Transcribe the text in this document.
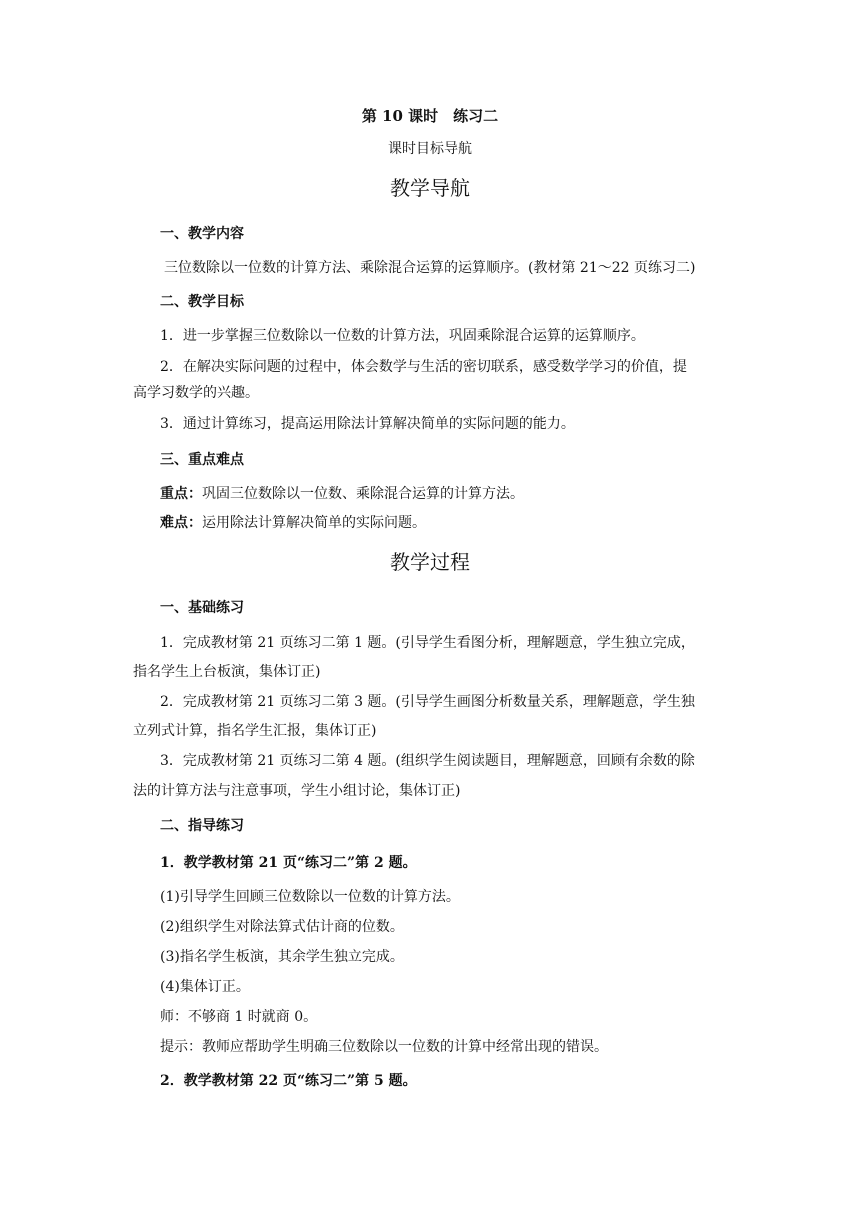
第 10 课时　练习二
课时目标导航
教学导航
一、教学内容
三位数除以一位数的计算方法、乘除混合运算的运算顺序。(教材第 21～22 页练习二)
二、教学目标
1．进一步掌握三位数除以一位数的计算方法，巩固乘除混合运算的运算顺序。
2．在解决实际问题的过程中，体会数学与生活的密切联系，感受数学学习的价值，提
高学习数学的兴趣。
3．通过计算练习，提高运用除法计算解决简单的实际问题的能力。
三、重点难点
重点：巩固三位数除以一位数、乘除混合运算的计算方法。
难点：运用除法计算解决简单的实际问题。
教学过程
一、基础练习
1．完成教材第 21 页练习二第 1 题。(引导学生看图分析，理解题意，学生独立完成，
指名学生上台板演，集体订正)
2．完成教材第 21 页练习二第 3 题。(引导学生画图分析数量关系，理解题意，学生独
立列式计算，指名学生汇报，集体订正)
3．完成教材第 21 页练习二第 4 题。(组织学生阅读题目，理解题意，回顾有余数的除
法的计算方法与注意事项，学生小组讨论，集体订正)
二、指导练习
1．教学教材第 21 页“练习二”第 2 题。
(1)引导学生回顾三位数除以一位数的计算方法。
(2)组织学生对除法算式估计商的位数。
(3)指名学生板演，其余学生独立完成。
(4)集体订正。
师：不够商 1 时就商 0。
提示：教师应帮助学生明确三位数除以一位数的计算中经常出现的错误。
2．教学教材第 22 页“练习二”第 5 题。
